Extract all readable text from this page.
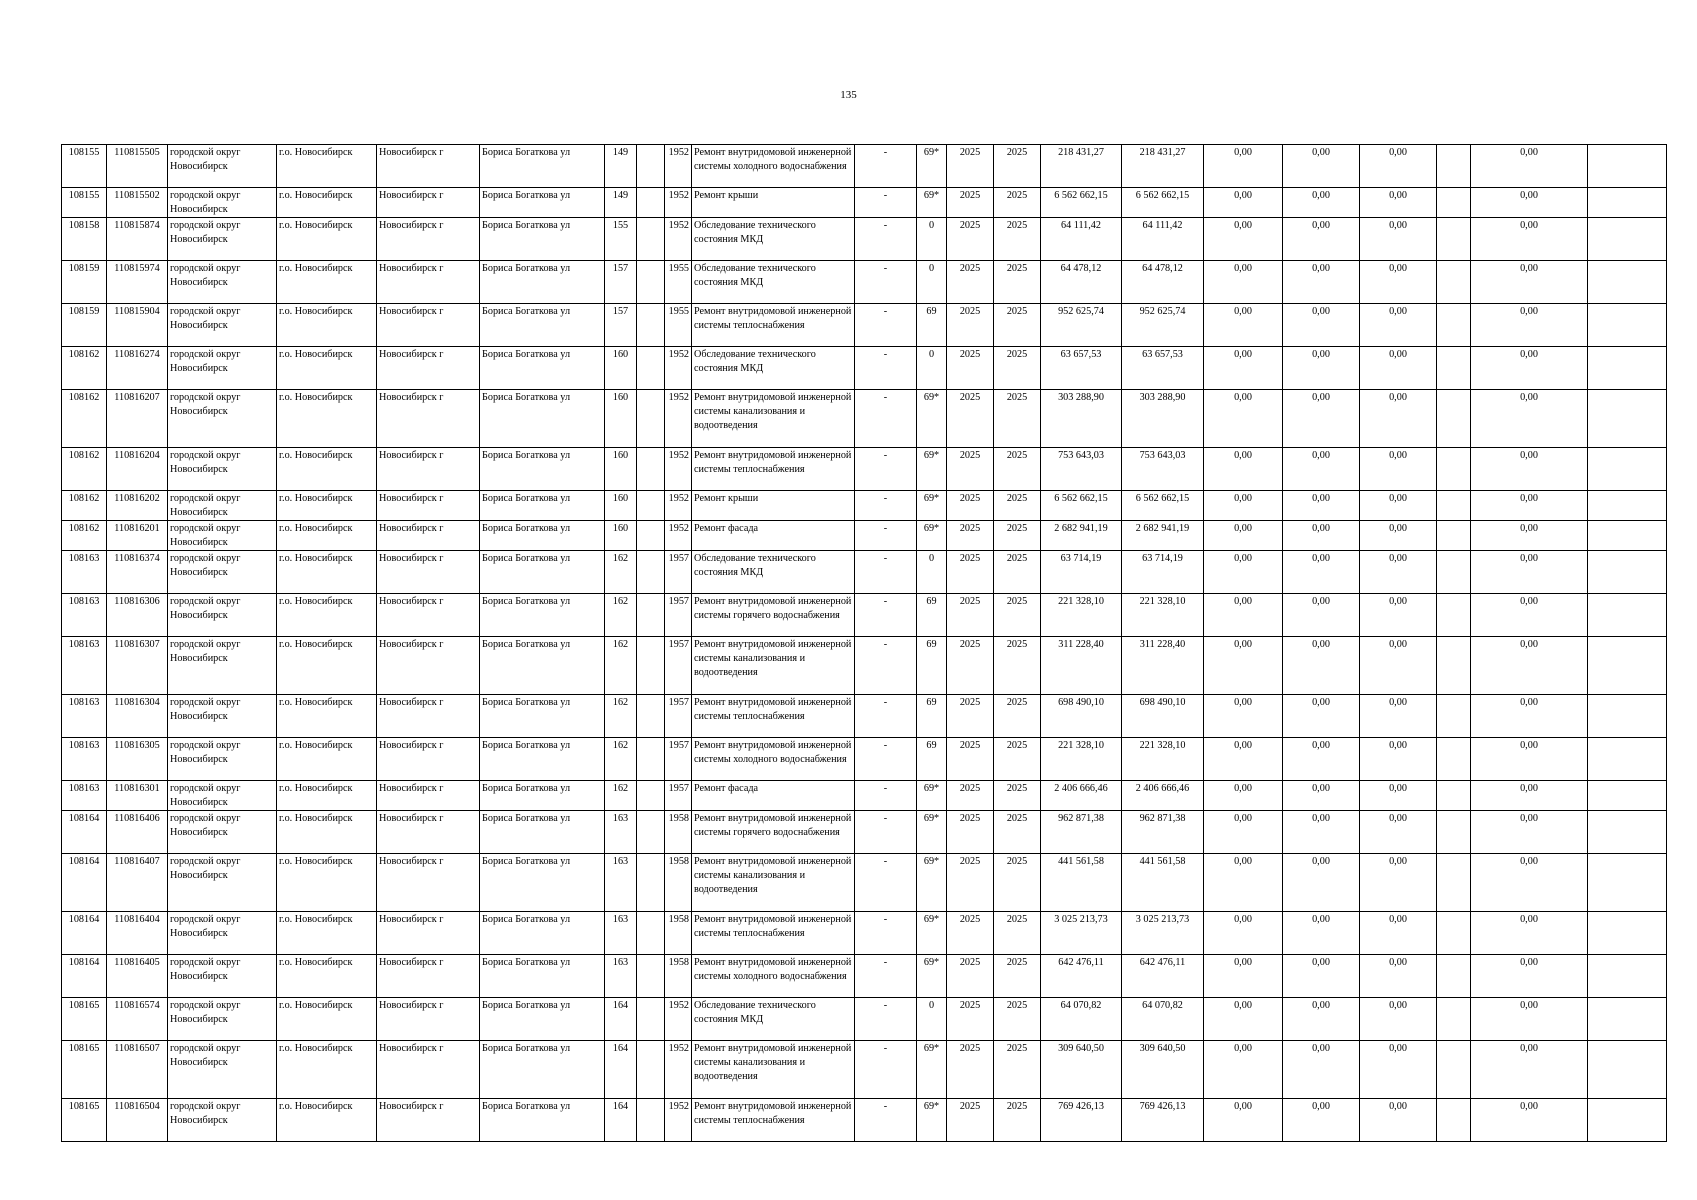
135
108155	110815505	городской округ Новосибирск	г.о. Новосибирск	Новосибирск г	Бориса Богаткова ул	149		1952	Ремонт внутридомовой инженерной системы холодного водоснабжения	-	69*	2025	2025	218 431,27	218 431,27	0,00	0,00	0,00		0,00	
108155	110815502	городской округ Новосибирск	г.о. Новосибирск	Новосибирск г	Бориса Богаткова ул	149		1952	Ремонт крыши	-	69*	2025	2025	6 562 662,15	6 562 662,15	0,00	0,00	0,00		0,00	
108158	110815874	городской округ Новосибирск	г.о. Новосибирск	Новосибирск г	Бориса Богаткова ул	155		1952	Обследование технического состояния МКД	-	0	2025	2025	64 111,42	64 111,42	0,00	0,00	0,00		0,00	
108159	110815974	городской округ Новосибирск	г.о. Новосибирск	Новосибирск г	Бориса Богаткова ул	157		1955	Обследование технического состояния МКД	-	0	2025	2025	64 478,12	64 478,12	0,00	0,00	0,00		0,00	
108159	110815904	городской округ Новосибирск	г.о. Новосибирск	Новосибирск г	Бориса Богаткова ул	157		1955	Ремонт внутридомовой инженерной системы теплоснабжения	-	69	2025	2025	952 625,74	952 625,74	0,00	0,00	0,00		0,00	
108162	110816274	городской округ Новосибирск	г.о. Новосибирск	Новосибирск г	Бориса Богаткова ул	160		1952	Обследование технического состояния МКД	-	0	2025	2025	63 657,53	63 657,53	0,00	0,00	0,00		0,00	
108162	110816207	городской округ Новосибирск	г.о. Новосибирск	Новосибирск г	Бориса Богаткова ул	160		1952	Ремонт внутридомовой инженерной системы канализования и водоотведения	-	69*	2025	2025	303 288,90	303 288,90	0,00	0,00	0,00		0,00	
108162	110816204	городской округ Новосибирск	г.о. Новосибирск	Новосибирск г	Бориса Богаткова ул	160		1952	Ремонт внутридомовой инженерной системы теплоснабжения	-	69*	2025	2025	753 643,03	753 643,03	0,00	0,00	0,00		0,00	
108162	110816202	городской округ Новосибирск	г.о. Новосибирск	Новосибирск г	Бориса Богаткова ул	160		1952	Ремонт крыши	-	69*	2025	2025	6 562 662,15	6 562 662,15	0,00	0,00	0,00		0,00	
108162	110816201	городской округ Новосибирск	г.о. Новосибирск	Новосибирск г	Бориса Богаткова ул	160		1952	Ремонт фасада	-	69*	2025	2025	2 682 941,19	2 682 941,19	0,00	0,00	0,00		0,00	
108163	110816374	городской округ Новосибирск	г.о. Новосибирск	Новосибирск г	Бориса Богаткова ул	162		1957	Обследование технического состояния МКД	-	0	2025	2025	63 714,19	63 714,19	0,00	0,00	0,00		0,00	
108163	110816306	городской округ Новосибирск	г.о. Новосибирск	Новосибирск г	Бориса Богаткова ул	162		1957	Ремонт внутридомовой инженерной системы горячего водоснабжения	-	69	2025	2025	221 328,10	221 328,10	0,00	0,00	0,00		0,00	
108163	110816307	городской округ Новосибирск	г.о. Новосибирск	Новосибирск г	Бориса Богаткова ул	162		1957	Ремонт внутридомовой инженерной системы канализования и водоотведения	-	69	2025	2025	311 228,40	311 228,40	0,00	0,00	0,00		0,00	
108163	110816304	городской округ Новосибирск	г.о. Новосибирск	Новосибирск г	Бориса Богаткова ул	162		1957	Ремонт внутридомовой инженерной системы теплоснабжения	-	69	2025	2025	698 490,10	698 490,10	0,00	0,00	0,00		0,00	
108163	110816305	городской округ Новосибирск	г.о. Новосибирск	Новосибирск г	Бориса Богаткова ул	162		1957	Ремонт внутридомовой инженерной системы холодного водоснабжения	-	69	2025	2025	221 328,10	221 328,10	0,00	0,00	0,00		0,00	
108163	110816301	городской округ Новосибирск	г.о. Новосибирск	Новосибирск г	Бориса Богаткова ул	162		1957	Ремонт фасада	-	69*	2025	2025	2 406 666,46	2 406 666,46	0,00	0,00	0,00		0,00	
108164	110816406	городской округ Новосибирск	г.о. Новосибирск	Новосибирск г	Бориса Богаткова ул	163		1958	Ремонт внутридомовой инженерной системы горячего водоснабжения	-	69*	2025	2025	962 871,38	962 871,38	0,00	0,00	0,00		0,00	
108164	110816407	городской округ Новосибирск	г.о. Новосибирск	Новосибирск г	Бориса Богаткова ул	163		1958	Ремонт внутридомовой инженерной системы канализования и водоотведения	-	69*	2025	2025	441 561,58	441 561,58	0,00	0,00	0,00		0,00	
108164	110816404	городской округ Новосибирск	г.о. Новосибирск	Новосибирск г	Бориса Богаткова ул	163		1958	Ремонт внутридомовой инженерной системы теплоснабжения	-	69*	2025	2025	3 025 213,73	3 025 213,73	0,00	0,00	0,00		0,00	
108164	110816405	городской округ Новосибирск	г.о. Новосибирск	Новосибирск г	Бориса Богаткова ул	163		1958	Ремонт внутридомовой инженерной системы холодного водоснабжения	-	69*	2025	2025	642 476,11	642 476,11	0,00	0,00	0,00		0,00	
108165	110816574	городской округ Новосибирск	г.о. Новосибирск	Новосибирск г	Бориса Богаткова ул	164		1952	Обследование технического состояния МКД	-	0	2025	2025	64 070,82	64 070,82	0,00	0,00	0,00		0,00	
108165	110816507	городской округ Новосибирск	г.о. Новосибирск	Новосибирск г	Бориса Богаткова ул	164		1952	Ремонт внутридомовой инженерной системы канализования и водоотведения	-	69*	2025	2025	309 640,50	309 640,50	0,00	0,00	0,00		0,00	
108165	110816504	городской округ Новосибирск	г.о. Новосибирск	Новосибирск г	Бориса Богаткова ул	164		1952	Ремонт внутридомовой инженерной системы теплоснабжения	-	69*	2025	2025	769 426,13	769 426,13	0,00	0,00	0,00		0,00	
